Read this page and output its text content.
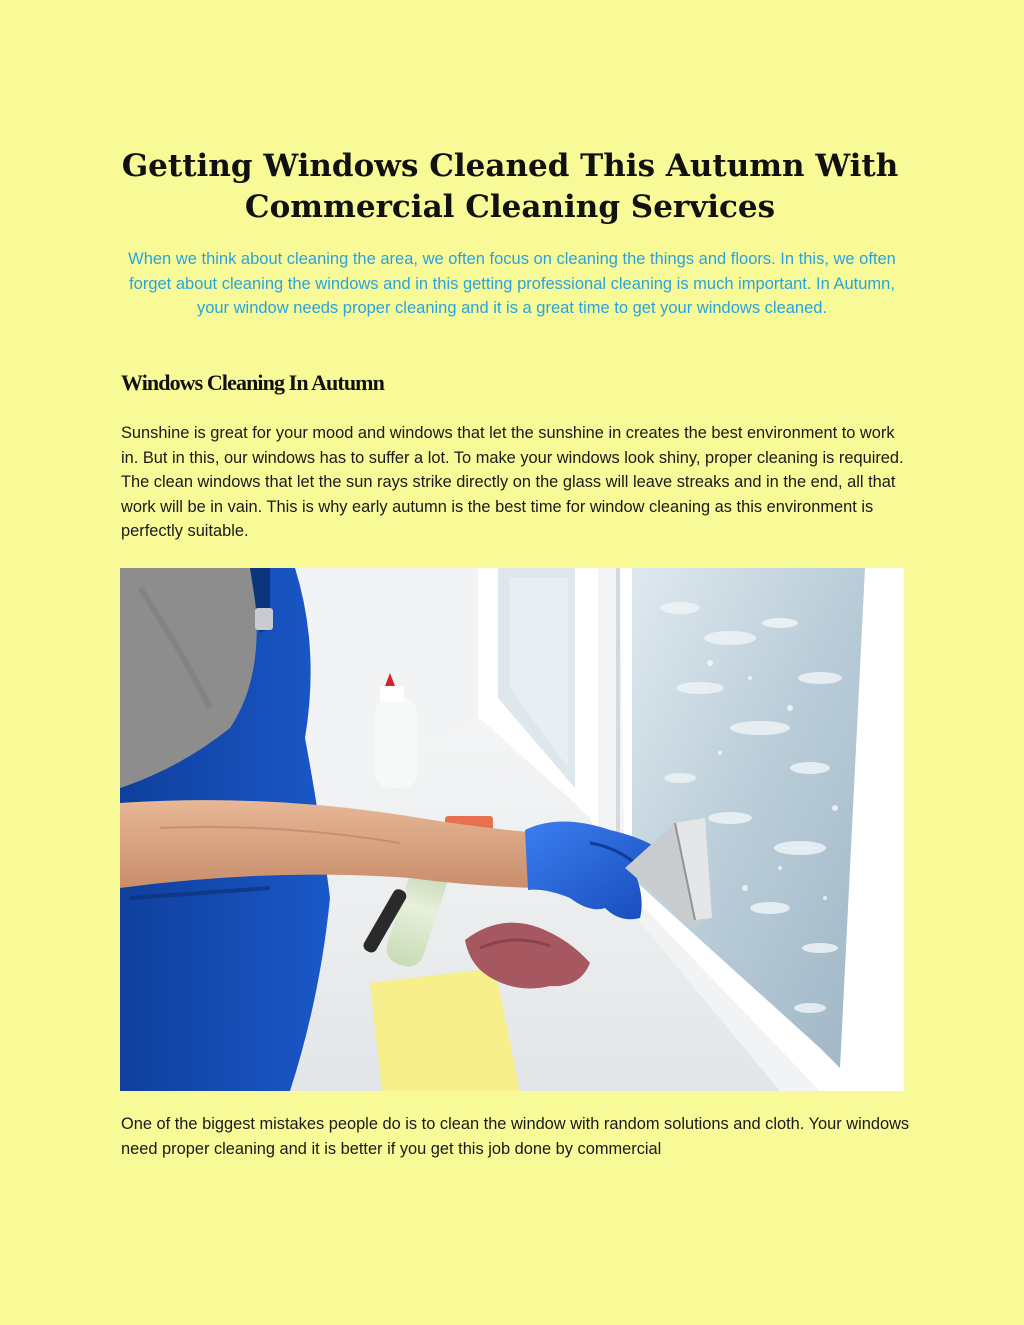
Getting Windows Cleaned This Autumn With Commercial Cleaning Services

When we think about cleaning the area, we often focus on cleaning the things and floors. In this, we often forget about cleaning the windows and in this getting professional cleaning is much important. In Autumn, your window needs proper cleaning and it is a great time to get your windows cleaned.

Windows Cleaning In Autumn

Sunshine is great for your mood and windows that let the sunshine in creates the best environment to work in. But in this, our windows has to suffer a lot. To make your windows look shiny, proper cleaning is required. The clean windows that let the sun rays strike directly on the glass will leave streaks and in the end, all that work will be in vain. This is why early autumn is the best time for window cleaning as this environment is perfectly suitable.

One of the biggest mistakes people do is to clean the window with random solutions and cloth. Your windows need proper cleaning and it is better if you get this job done by commercial
